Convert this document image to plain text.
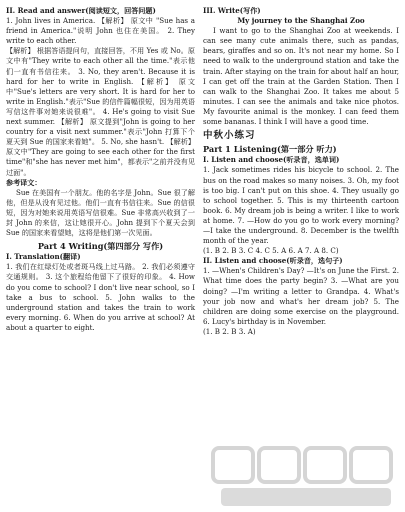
II. Read and answer(阅读短文，回答问题)

1. John lives in America. 【解析】 原文中 "Sue has a friend in America."说明 John 也住在美国。 2. They write to each other.

【解析】 根据答语提问句，直接回答，不用 Yes 或 No。原文中有"They write to each other all the time."表示他们一直有书信往来。 3. No, they aren't. Because it is hard for her to write in English. 【解析】 原文中"Sue's letters are very short. It is hard for her to write in English."表示"Sue 的信件篇幅很短，因为用英语写信这件事对她来说很难"。 4. He's going to visit Sue next summer. 【解析】 原文提到"John is going to her country for a visit next summer."表示"John 打算下个夏天到 Sue 的国家来看她"。 5. No, she hasn't. 【解析】 原文中"They are going to see each other for the first time"和"she has never met him"，都表示"之前并没有见过面"。

参考译文：

Sue 在美国有一个朋友。他的名字是 John。Sue 很了解他，但是从没有见过他。他们一直有书信往来。Sue 的信很短，因为对她来说用英语写信很难。Sue 非常高兴收到了一封 John 的来信，这让她很开心。John 提到下个夏天会到 Sue 的国家来看望她，这将是他们第一次见面。

Part 4 Writing(第四部分 写作)

I. Translation(翻译)

1. 我们在红绿灯处或者斑马线上过马路。 2. 我们必须遵守交通规则。 3. 这个旅程给他留下了很好的印象。 4. How do you come to school? I don't live near school, so I take a bus to school. 5. John walks to the underground station and takes the train to work every morning. 6. When do you arrive at school? At about a quarter to eight.

III. Write(写作)

My journey to the Shanghai Zoo

I want to go to the Shanghai Zoo at weekends. I can see many cute animals there, such as pandas, bears, giraffes and so on. It's not near my home. So I need to walk to the underground station and take the train. After staying on the train for about half an hour, I can get off the train at the Garden Station. Then I can walk to the Shanghai Zoo. It takes me about 5 minutes. I can see the animals and take nice photos. My favourite animal is the monkey. I can feed them some bananas. I think I will have a good time.

中秋小练习

Part 1 Listening(第一部分 听力)

I. Listen and choose(听录音，选单词)

1. Jack sometimes rides his bicycle to school. 2. The bus on the road makes so many noises. 3. Oh, my foot is too big. I can't put on this shoe. 4. They usually go to school together. 5. This is my thirteenth cartoon book. 6. My dream job is being a writer. I like to work at home. 7. —How do you go to work every morning? —I take the underground. 8. December is the twelfth month of the year.

(1. B 2. B 3. C 4. C 5. A 6. A 7. A 8. C)

II. Listen and choose(听录音，选句子)

1. —When's Children's Day? —It's on June the First. 2. What time does the party begin? 3. —What are you doing? —I'm writing a letter to Grandpa. 4. What's your job now and what's her dream job? 5. The children are doing some exercise on the playground. 6. Lucy's birthday is in November.

(1. B 2. B 3. A)
